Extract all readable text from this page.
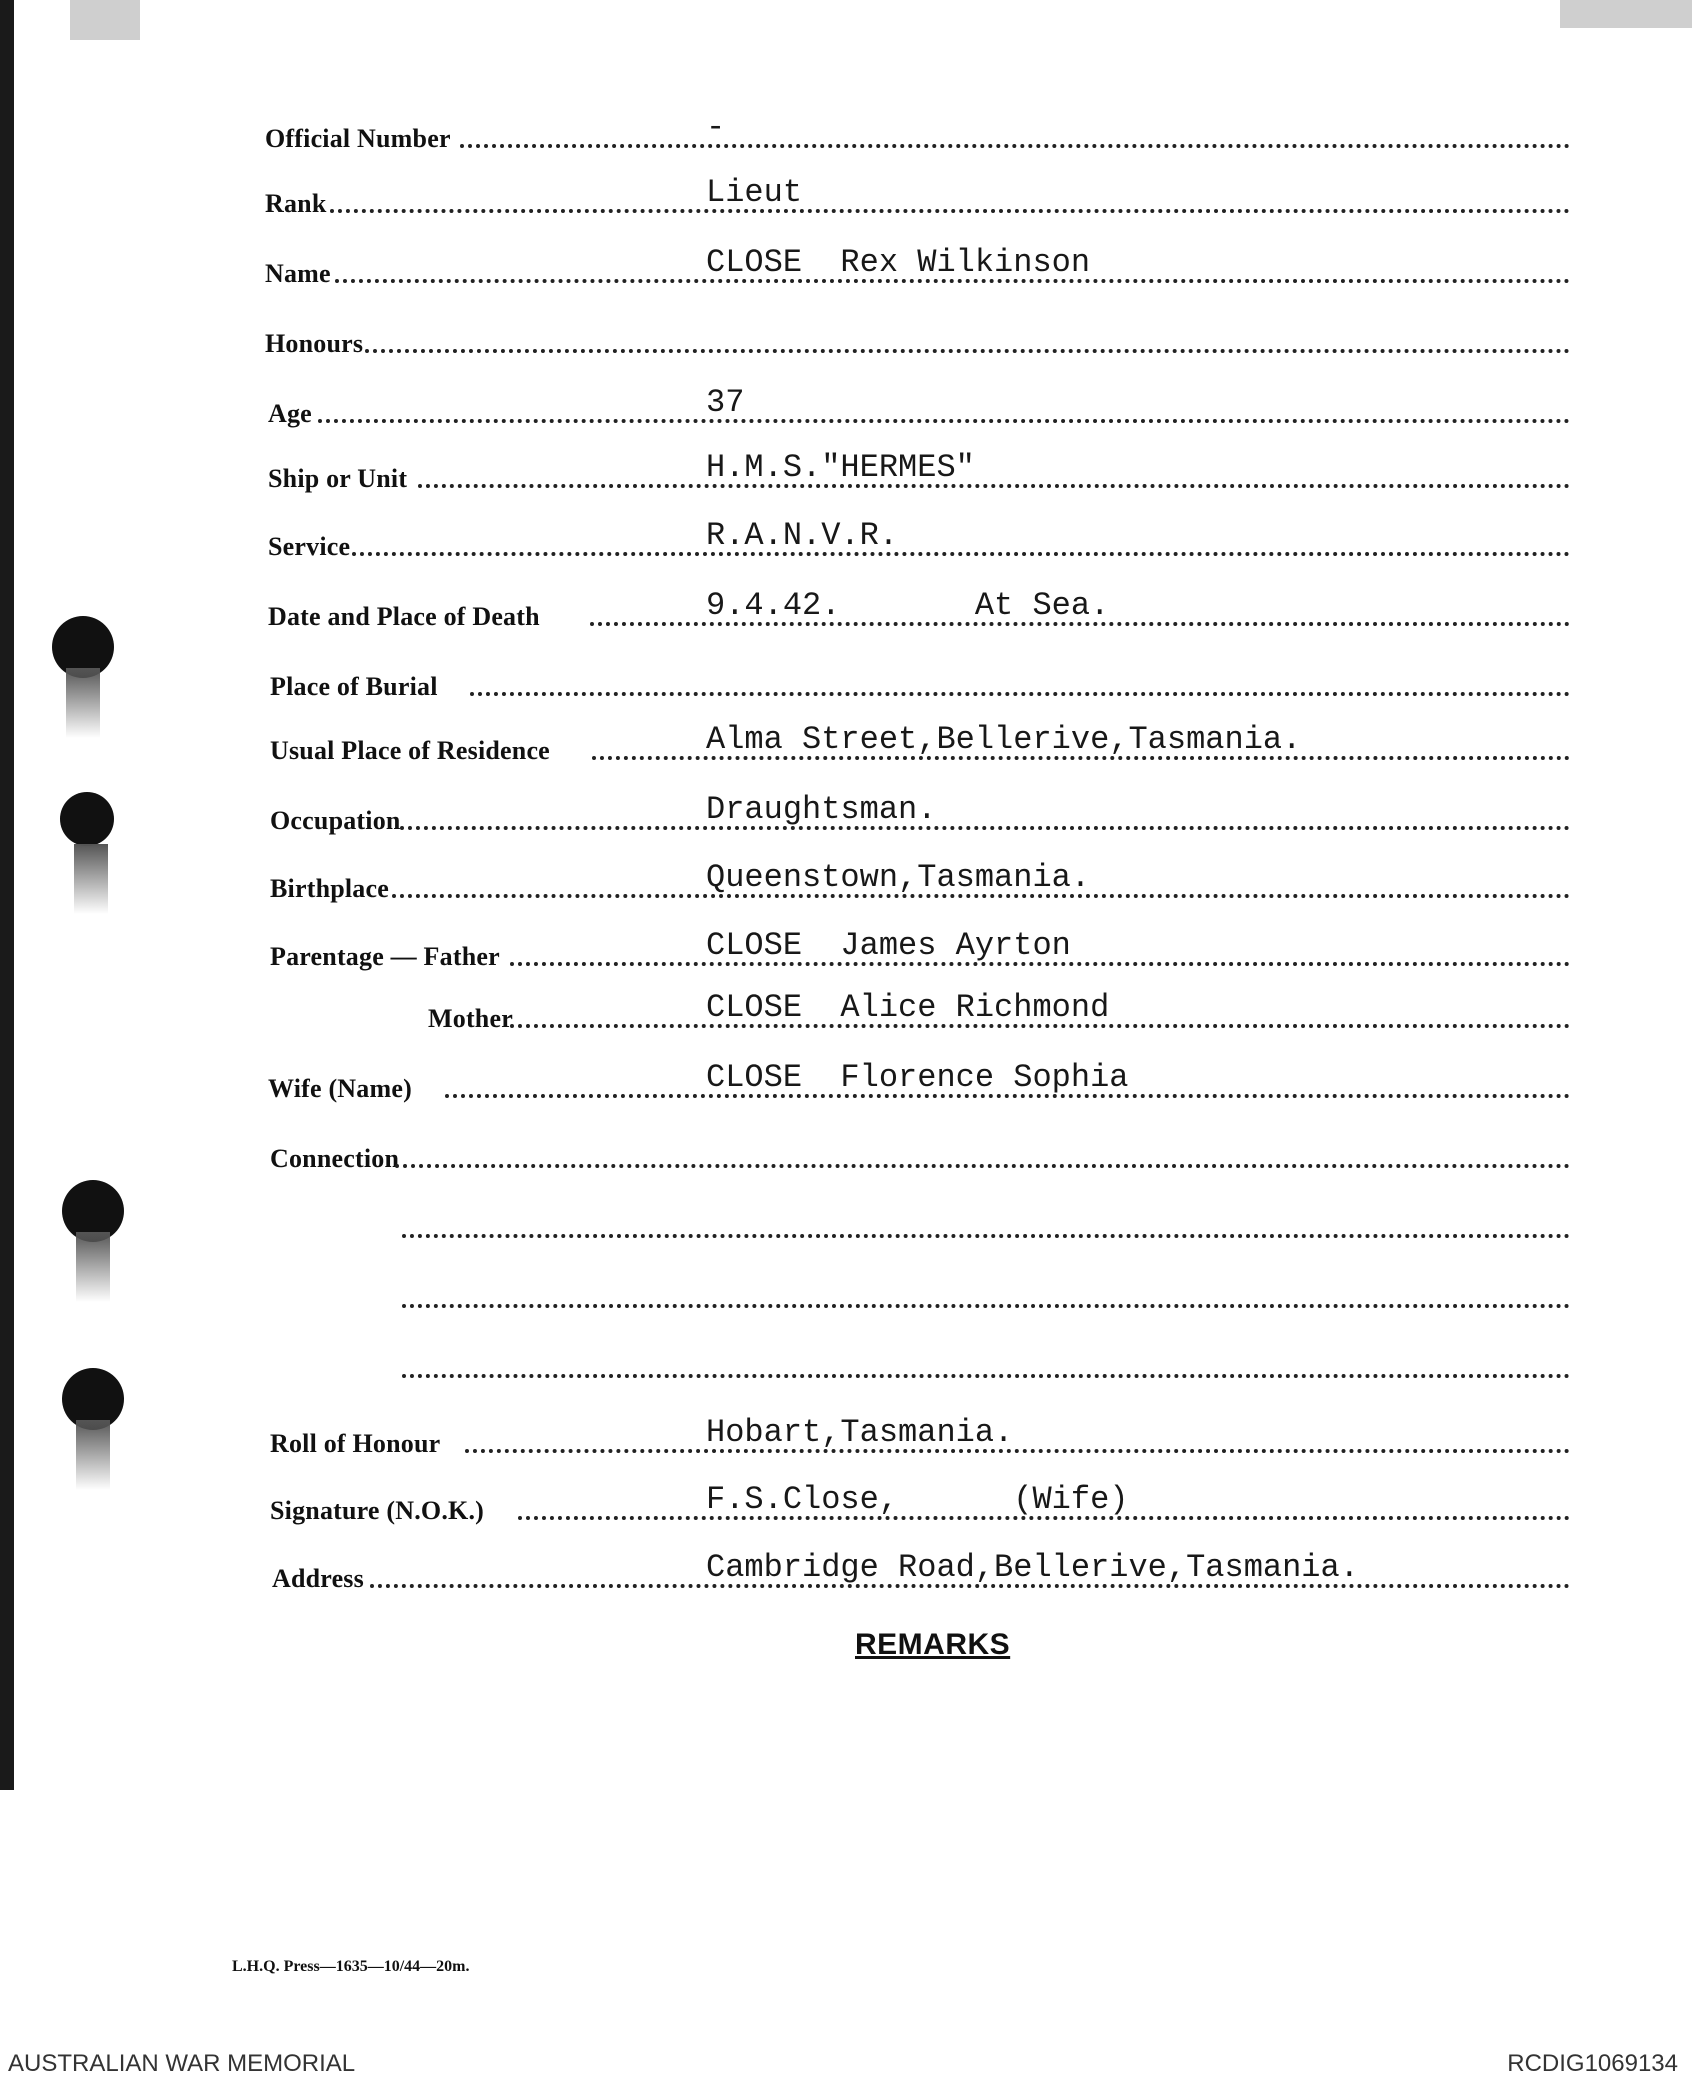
Official Number	-
Rank	Lieut
Name	CLOSE  Rex Wilkinson
Honours
Age	37
Ship or Unit	H.M.S."HERMES"
Service	R.A.N.V.R.
Date and Place of Death	9.4.42.       At Sea.
Place of Burial
Usual Place of Residence	Alma Street,Bellerive,Tasmania.
Occupation	Draughtsman.
Birthplace	Queenstown,Tasmania.
Parentage — Father	CLOSE  James Ayrton
Mother	CLOSE  Alice Richmond
Wife (Name)	CLOSE  Florence Sophia
Connection
Roll of Honour	Hobart,Tasmania.
Signature (N.O.K.)	F.S.Close,      (Wife)
Address	Cambridge Road,Bellerive,Tasmania.
REMARKS
L.H.Q. Press—1635—10/44—20m.
AUSTRALIAN WAR MEMORIAL	RCDIG1069134
